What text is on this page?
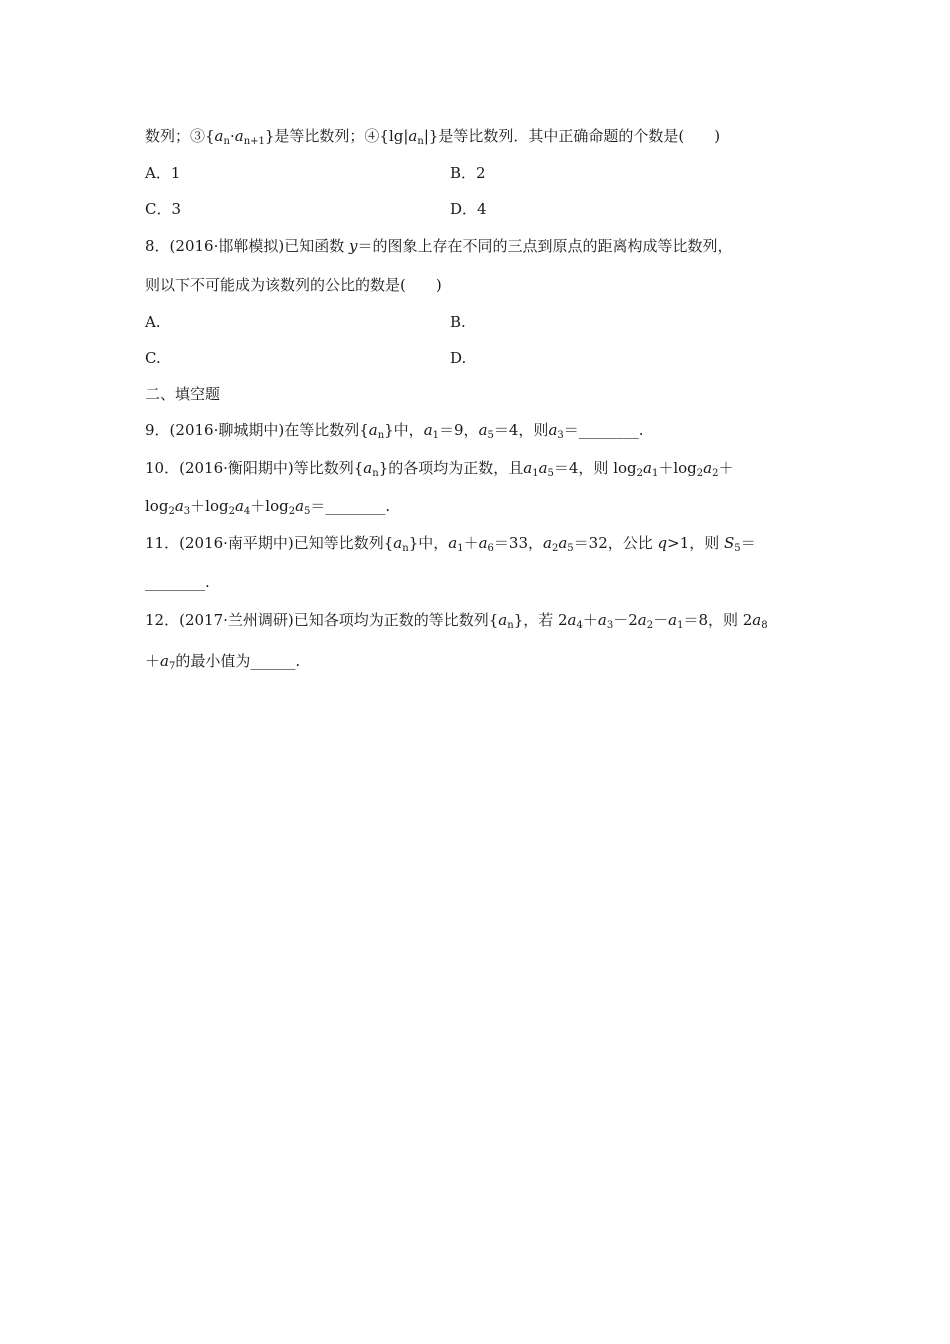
数列；$③\{a_n\cdot a_{n+1}\}$是等比数列；$④\{\lg|a_n|\}$是等比数列．其中正确命题的个数是(　　)
A．1	B．2
C．3	D．4
8．(2016·邯郸模拟)已知函数 y＝的图象上存在不同的三点到原点的距离构成等比数列，
则以下不可能成为该数列的公比的数是(　　)
A.	B.
C.	D.
二、填空题
9．(2016·聊城期中)在等比数列$\{a_n\}$中，$a_1=9$，$a_5=4$，则$a_3=\_\_\_\_\_\_\_\_$.
10．(2016·衡阳期中)等比数列$\{a_n\}$的各项均为正数，且$a_1a_5=4$，则 $\log_2a_1+\log_2a_2+$
$\log_2a_3+\log_2a_4+\log_2a_5=\_\_\_\_\_\_\_\_$.
11．(2016·南平期中)已知等比数列$\{a_n\}$中，$a_1+a_6=33$，$a_2a_5=32$，公比 q>1，则 $S_5=$
________.
12．(2017·兰州调研)已知各项均为正数的等比数列$\{a_n\}$，若 $2a_4+a_3-2a_2-a_1=8$，则 $2a_8$
$+a_7$的最小值为______.
